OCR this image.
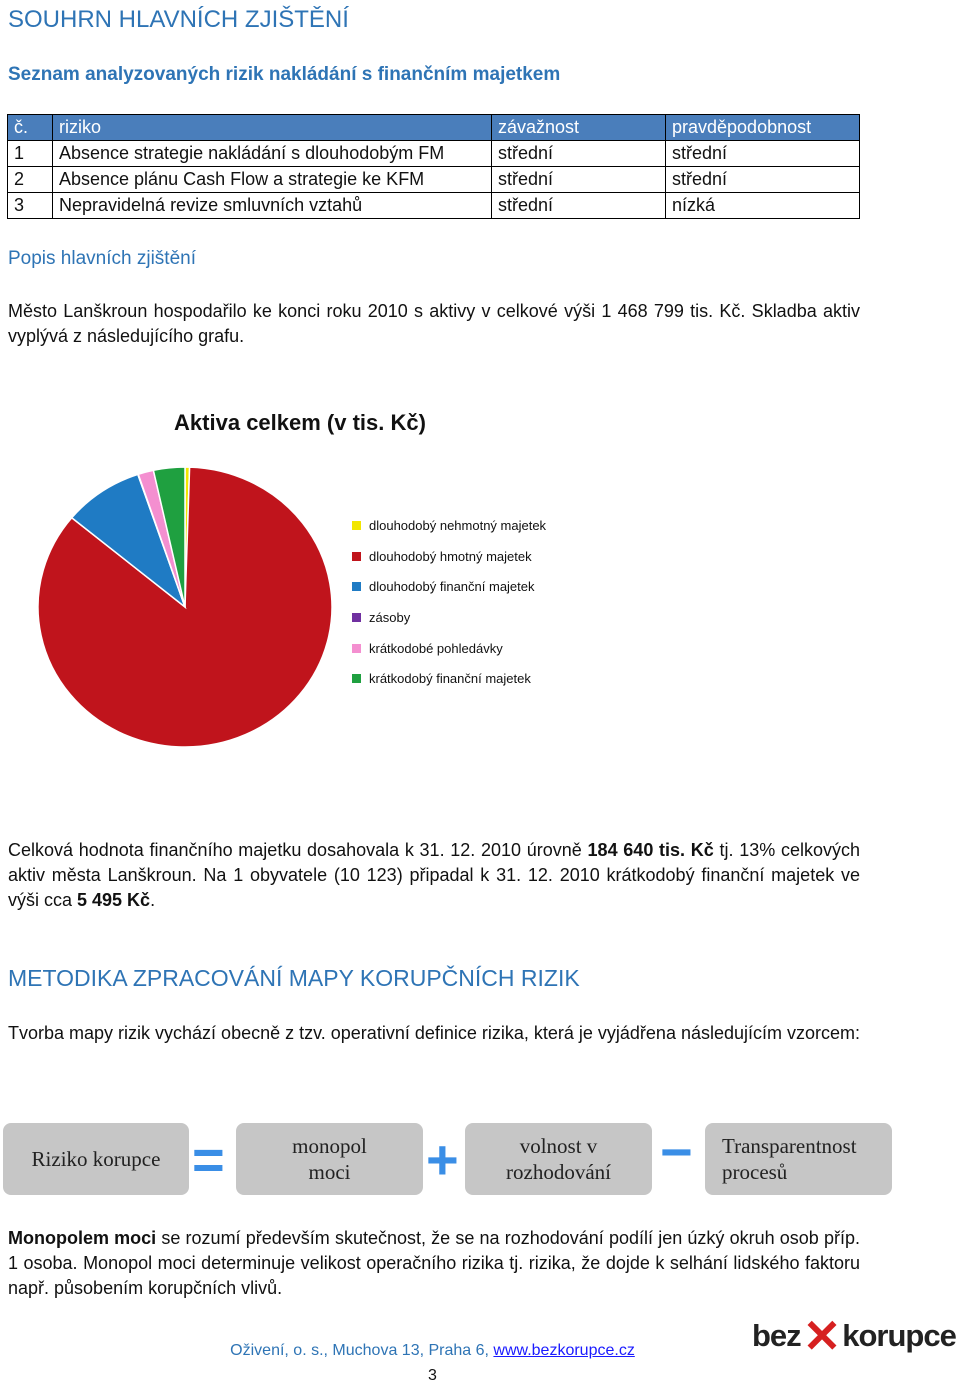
SOUHRN HLAVNÍCH ZJIŠTĚNÍ
Seznam analyzovaných rizik nakládání s finančním majetkem
č.	riziko	závažnost	pravděpodobnost
1	Absence strategie nakládání s dlouhodobým FM	střední	střední
2	Absence plánu Cash Flow a strategie ke KFM	střední	střední
3	Nepravidelná revize smluvních vztahů	střední	nízká
Popis hlavních zjištění

Město Lanškroun hospodařilo ke konci roku 2010 s aktivy v celkové výši 1 468 799 tis. Kč. Skladba aktiv vyplývá z následujícího grafu.

Aktiva celkem (v tis. Kč)
dlouhodobý nehmotný majetek
dlouhodobý hmotný majetek
dlouhodobý finanční majetek
zásoby
krátkodobé pohledávky
krátkodobý finanční majetek

Celková hodnota finančního majetku dosahovala k 31. 12. 2010 úrovně 184 640 tis. Kč tj. 13% celkových aktiv města Lanškroun. Na 1 obyvatele (10 123) připadal k 31. 12. 2010 krátkodobý finanční majetek ve výši cca 5 495 Kč.

METODIKA ZPRACOVÁNÍ MAPY KORUPČNÍCH RIZIK

Tvorba mapy rizik vychází obecně z tzv. operativní definice rizika, která je vyjádřena následujícím vzorcem:

Riziko korupce =	monopol moci	+	volnost v rozhodování − Transparentnost procesů

Monopolem moci se rozumí především skutečnost, že se na rozhodování podílí jen úzký okruh osob příp. 1 osoba. Monopol moci determinuje velikost operačního rizika tj. rizika, že dojde k selhání lidského faktoru např. působením korupčních vlivů.

Oživení, o. s., Muchova 13, Praha 6, www.bezkorupce.cz
3
bez ✕ korupce
